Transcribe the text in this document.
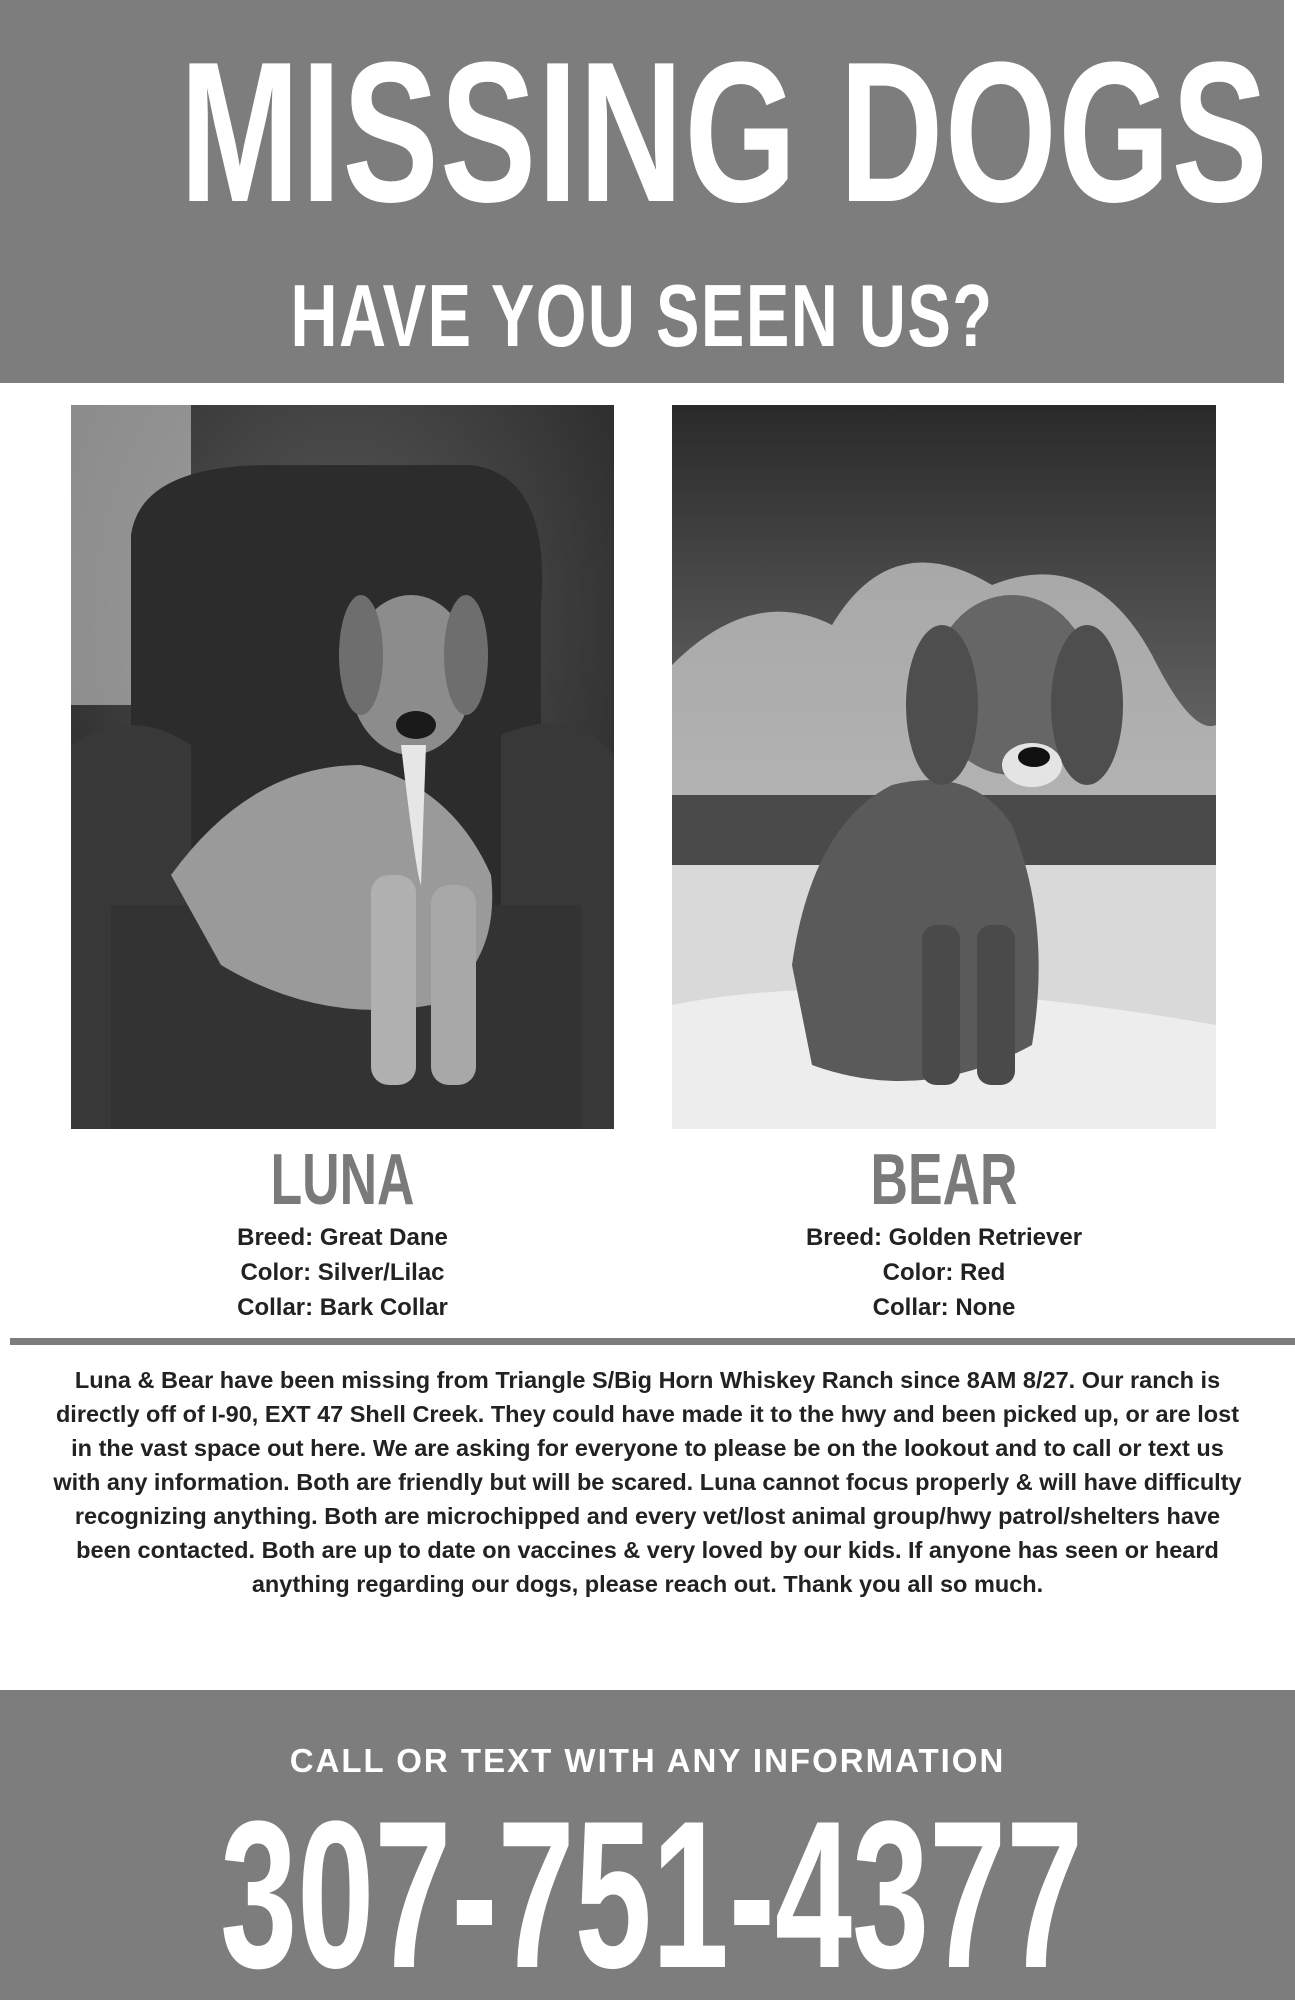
MISSING DOGS
HAVE YOU SEEN US?
LUNA	BEAR
Breed: Great Dane
Color: Silver/Lilac
Collar: Bark Collar
Breed: Golden Retriever
Color: Red
Collar: None
Luna & Bear have been missing from Triangle S/Big Horn Whiskey Ranch since 8AM 8/27. Our ranch is directly off of I-90, EXT 47 Shell Creek. They could have made it to the hwy and been picked up, or are lost in the vast space out here. We are asking for everyone to please be on the lookout and to call or text us with any information. Both are friendly but will be scared. Luna cannot focus properly & will have difficulty recognizing anything. Both are microchipped and every vet/lost animal group/hwy patrol/shelters have been contacted. Both are up to date on vaccines & very loved by our kids. If anyone has seen or heard anything regarding our dogs, please reach out. Thank you all so much.
CALL OR TEXT WITH ANY INFORMATION
307-751-4377
